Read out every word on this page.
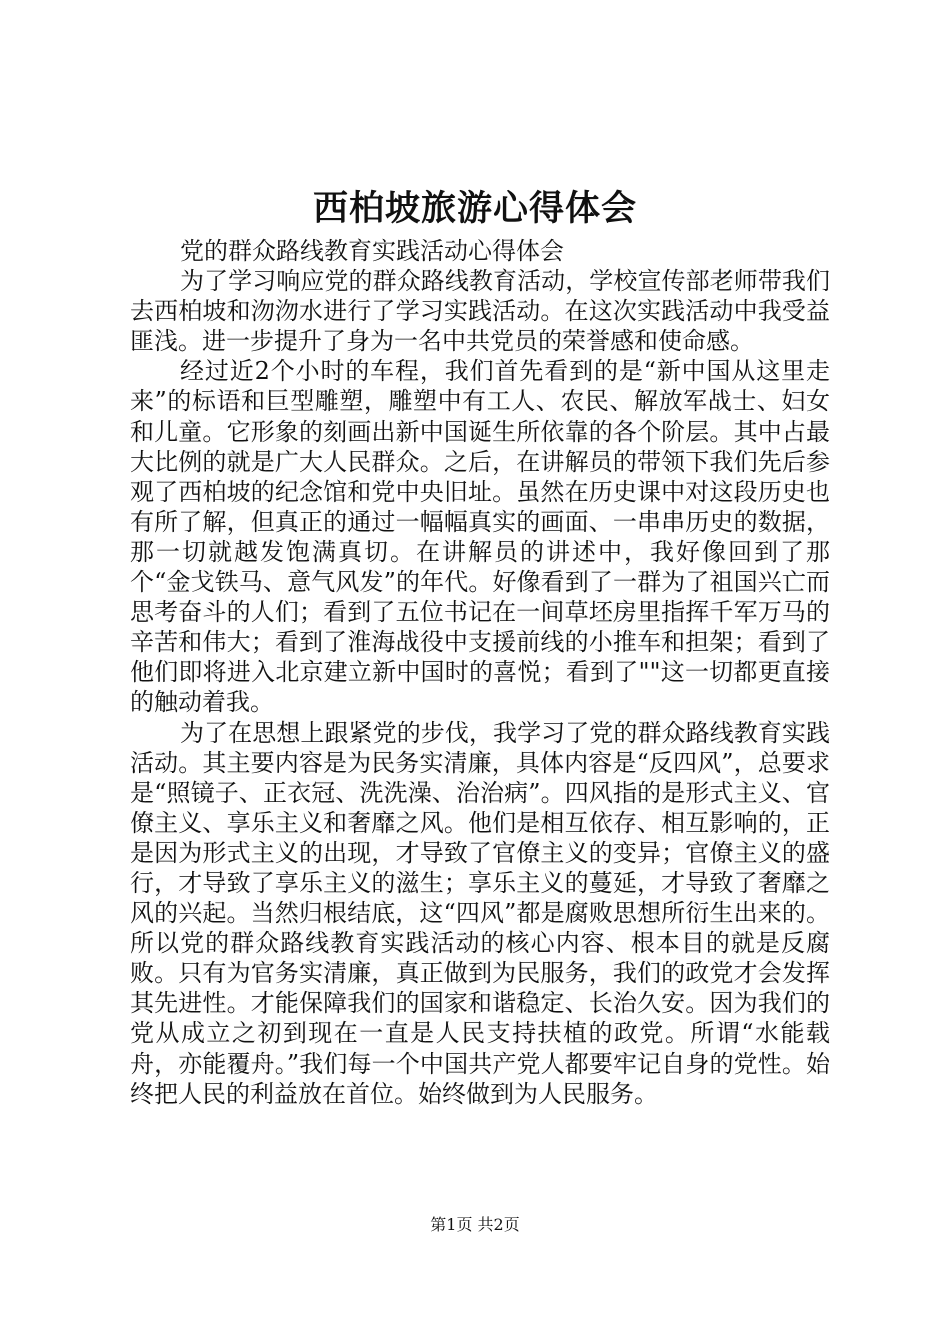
西柏坡旅游心得体会

党的群众路线教育实践活动心得体会

为了学习响应党的群众路线教育活动，学校宣传部老师带我们去西柏坡和沕沕水进行了学习实践活动。在这次实践活动中我受益匪浅。进一步提升了身为一名中共党员的荣誉感和使命感。

经过近2个小时的车程，我们首先看到的是“新中国从这里走来”的标语和巨型雕塑，雕塑中有工人、农民、解放军战士、妇女和儿童。它形象的刻画出新中国诞生所依靠的各个阶层。其中占最大比例的就是广大人民群众。之后，在讲解员的带领下我们先后参观了西柏坡的纪念馆和党中央旧址。虽然在历史课中对这段历史也有所了解，但真正的通过一幅幅真实的画面、一串串历史的数据，那一切就越发饱满真切。在讲解员的讲述中，我好像回到了那个“金戈铁马、意气风发”的年代。好像看到了一群为了祖国兴亡而思考奋斗的人们；看到了五位书记在一间草坯房里指挥千军万马的辛苦和伟大；看到了淮海战役中支援前线的小推车和担架；看到了他们即将进入北京建立新中国时的喜悦；看到了""这一切都更直接的触动着我。

为了在思想上跟紧党的步伐，我学习了党的群众路线教育实践活动。其主要内容是为民务实清廉，具体内容是“反四风”，总要求是“照镜子、正衣冠、洗洗澡、治治病”。四风指的是形式主义、官僚主义、享乐主义和奢靡之风。他们是相互依存、相互影响的，正是因为形式主义的出现，才导致了官僚主义的变异；官僚主义的盛行，才导致了享乐主义的滋生；享乐主义的蔓延，才导致了奢靡之风的兴起。当然归根结底，这“四风”都是腐败思想所衍生出来的。所以党的群众路线教育实践活动的核心内容、根本目的就是反腐败。只有为官务实清廉，真正做到为民服务，我们的政党才会发挥其先进性。才能保障我们的国家和谐稳定、长治久安。因为我们的党从成立之初到现在一直是人民支持扶植的政党。所谓“水能载舟，亦能覆舟。”我们每一个中国共产党人都要牢记自身的党性。始终把人民的利益放在首位。始终做到为人民服务。

第1页 共2页
